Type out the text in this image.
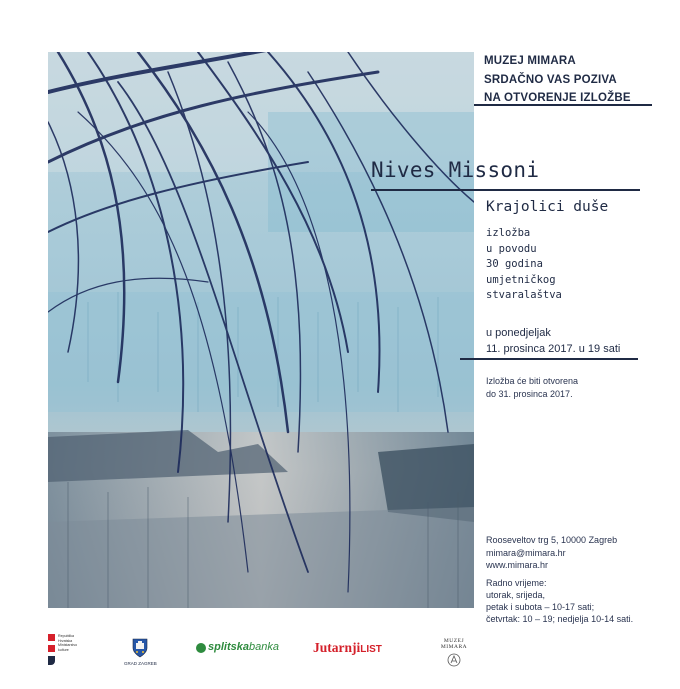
MUZEJ MIMARA
SRDAČNO VAS POZIVA
NA OTVORENJE IZLOŽBE
Nives Missoni
Krajolici duše
izložba
u povodu
30 godina
umjetničkog
stvaralaštva
u ponedjeljak
11. prosinca 2017. u 19 sati
Izložba će biti otvorena
do 31. prosinca 2017.
Rooseveltov trg 5, 10000 Zagreb
mimara@mimara.hr
www.mimara.hr
Radno vrijeme:
utorak, srijeda,
petak i subota – 10-17 sati;
četvrtak: 10 – 19; nedjelja 10-14 sati.
Republika
Hrvatska
Ministarstvo
kulture
GRAD ZAGREB
splitskabanka	JutarnjiLIST
MUZEJ
MIMARA
